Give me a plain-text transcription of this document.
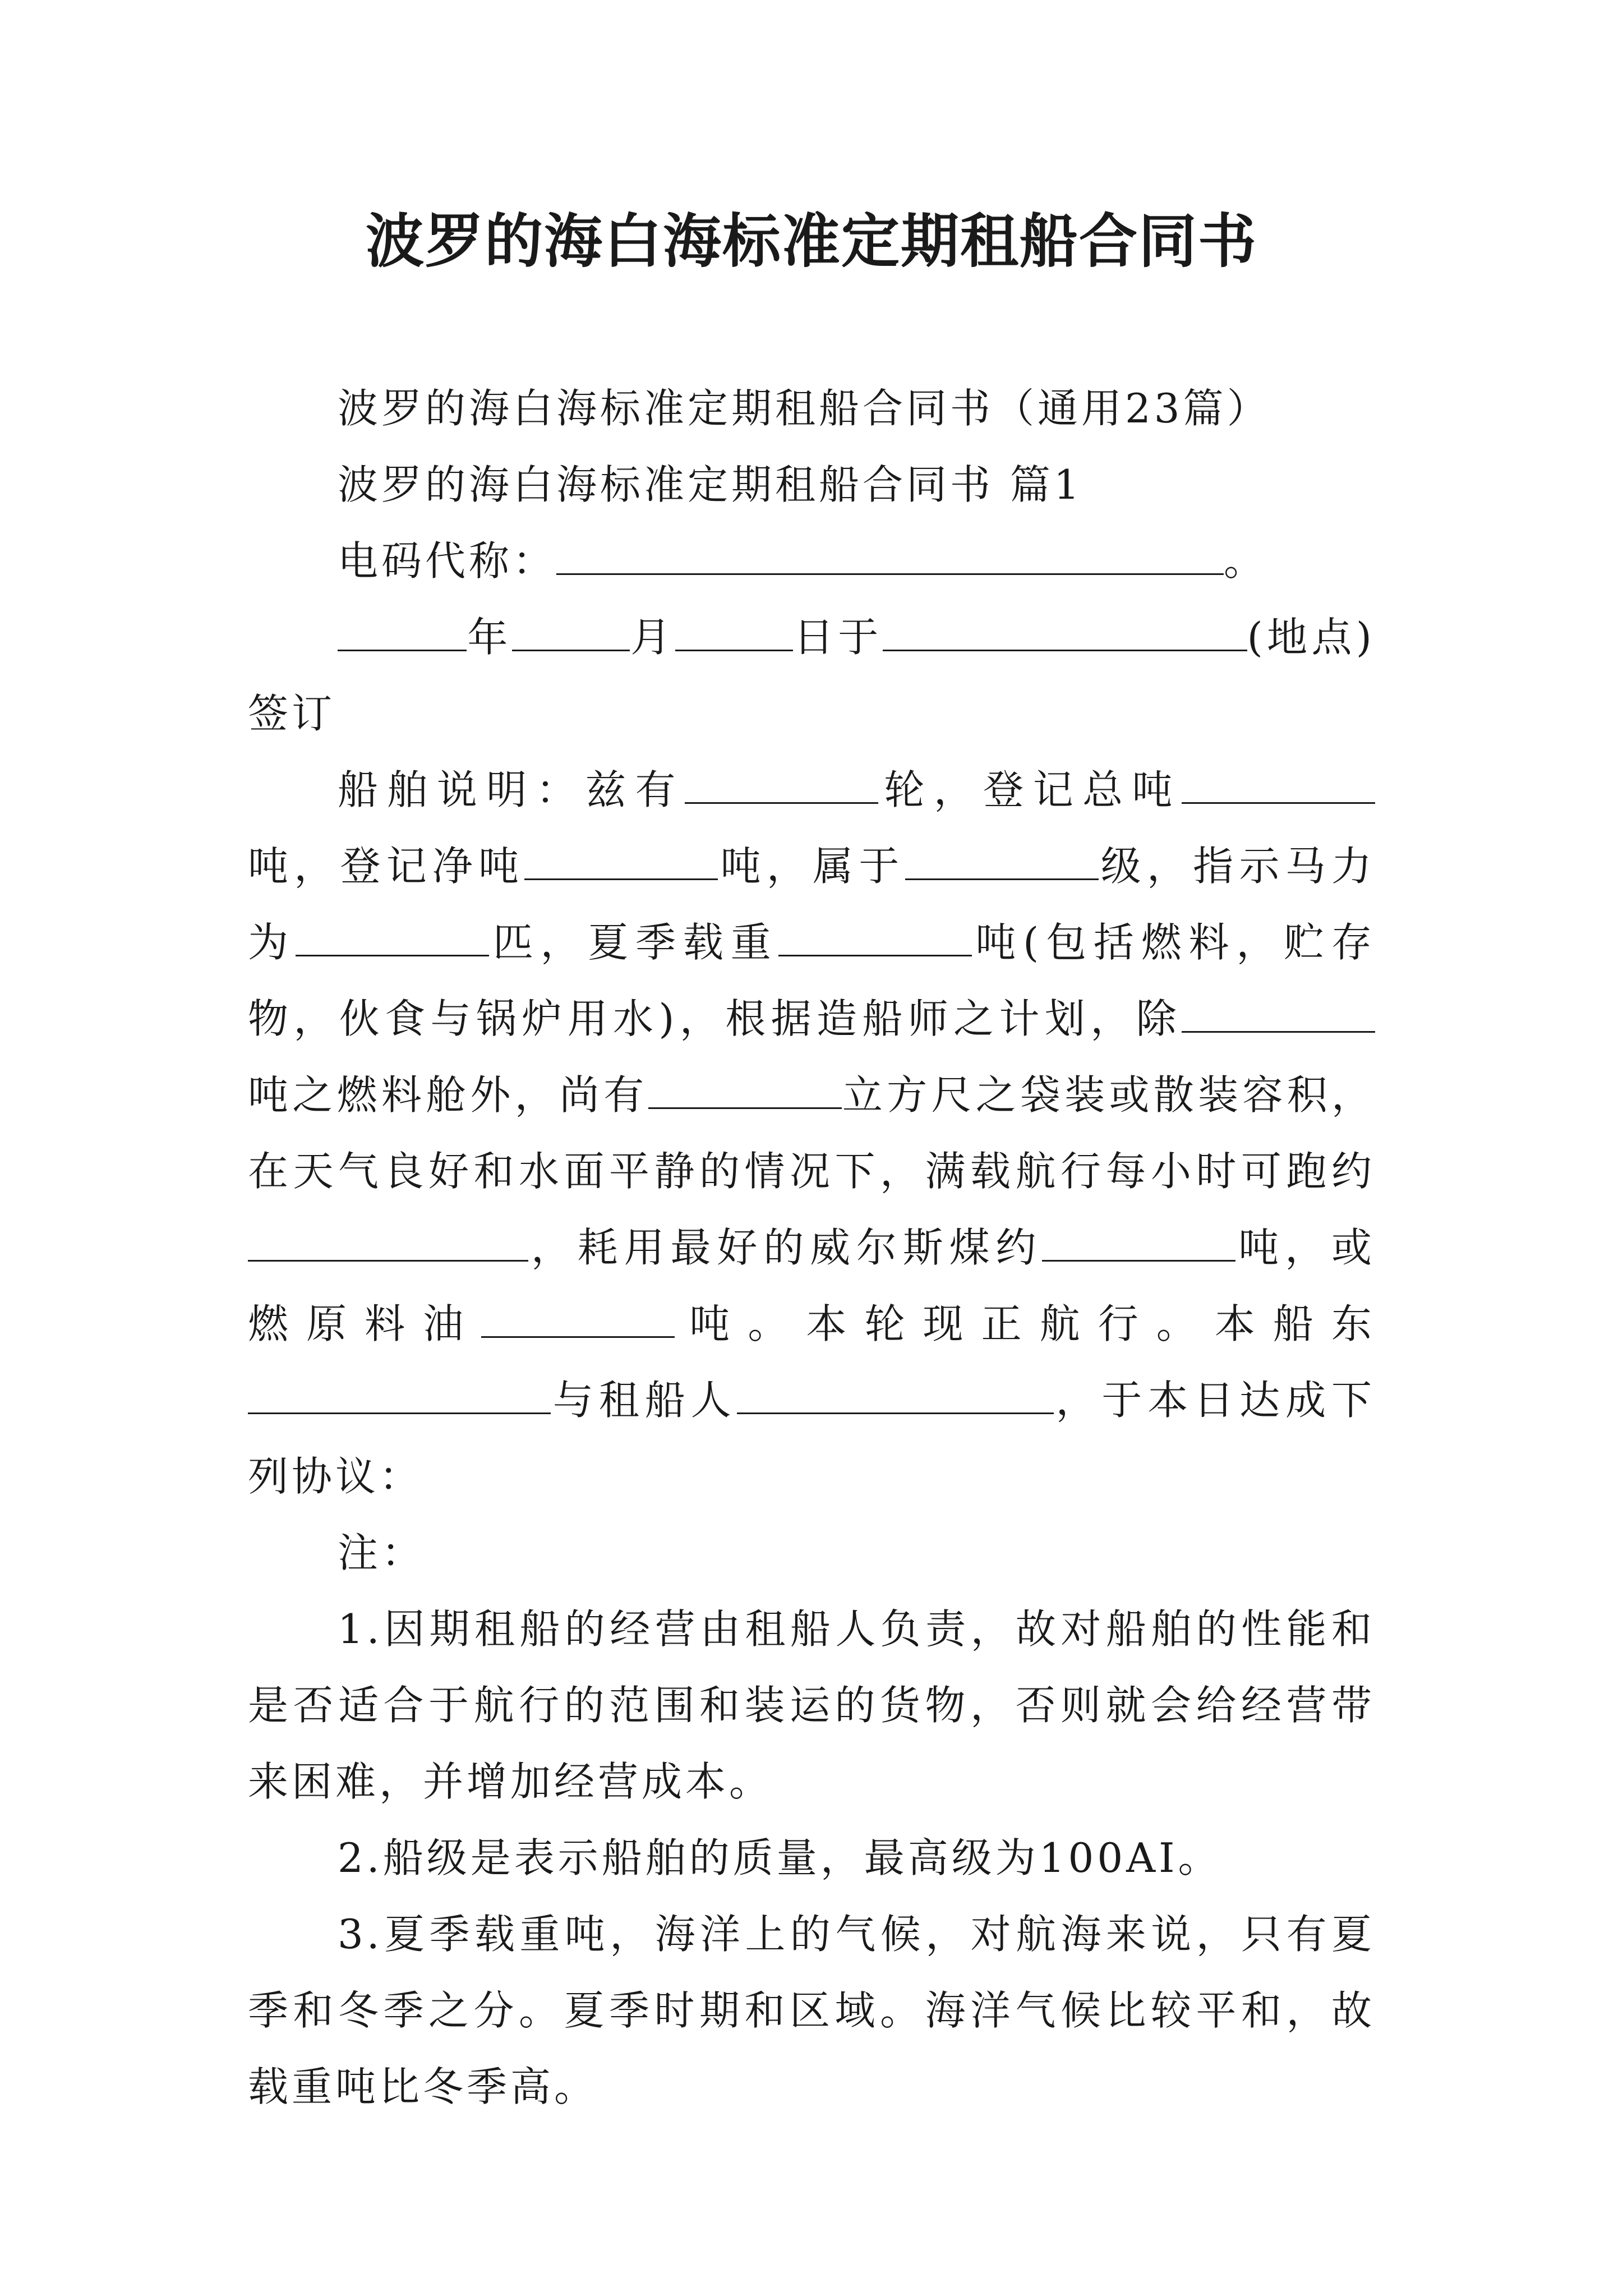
波罗的海白海标准定期租船合同书

波罗的海白海标准定期租船合同书（通用23篇）

波罗的海白海标准定期租船合同书 篇1

电码代称：	。

年	月	日于	(地点)签订

船舶说明：兹有	轮，登记总吨吨，登记净吨	吨，属于	级，指示马力为	匹，夏季载重	吨(包括燃料，贮存物，伙食与锅炉用水)，根据造船师之计划，除吨之燃料舱外，尚有	立方尺之袋装或散装容积，在天气良好和水面平静的情况下，满载航行每小时可跑约，耗用最好的威尔斯煤约	吨，或燃原料油	吨。本轮现正航行。本船东与租船人	，于本日达成下列协议：

注：

1.因期租船的经营由租船人负责，故对船舶的性能和是否适合于航行的范围和装运的货物，否则就会给经营带来困难，并增加经营成本。

2.船级是表示船舶的质量，最高级为100AI。

3.夏季载重吨，海洋上的气候，对航海来说，只有夏季和冬季之分。夏季时期和区域。海洋气候比较平和，故载重吨比冬季高。
